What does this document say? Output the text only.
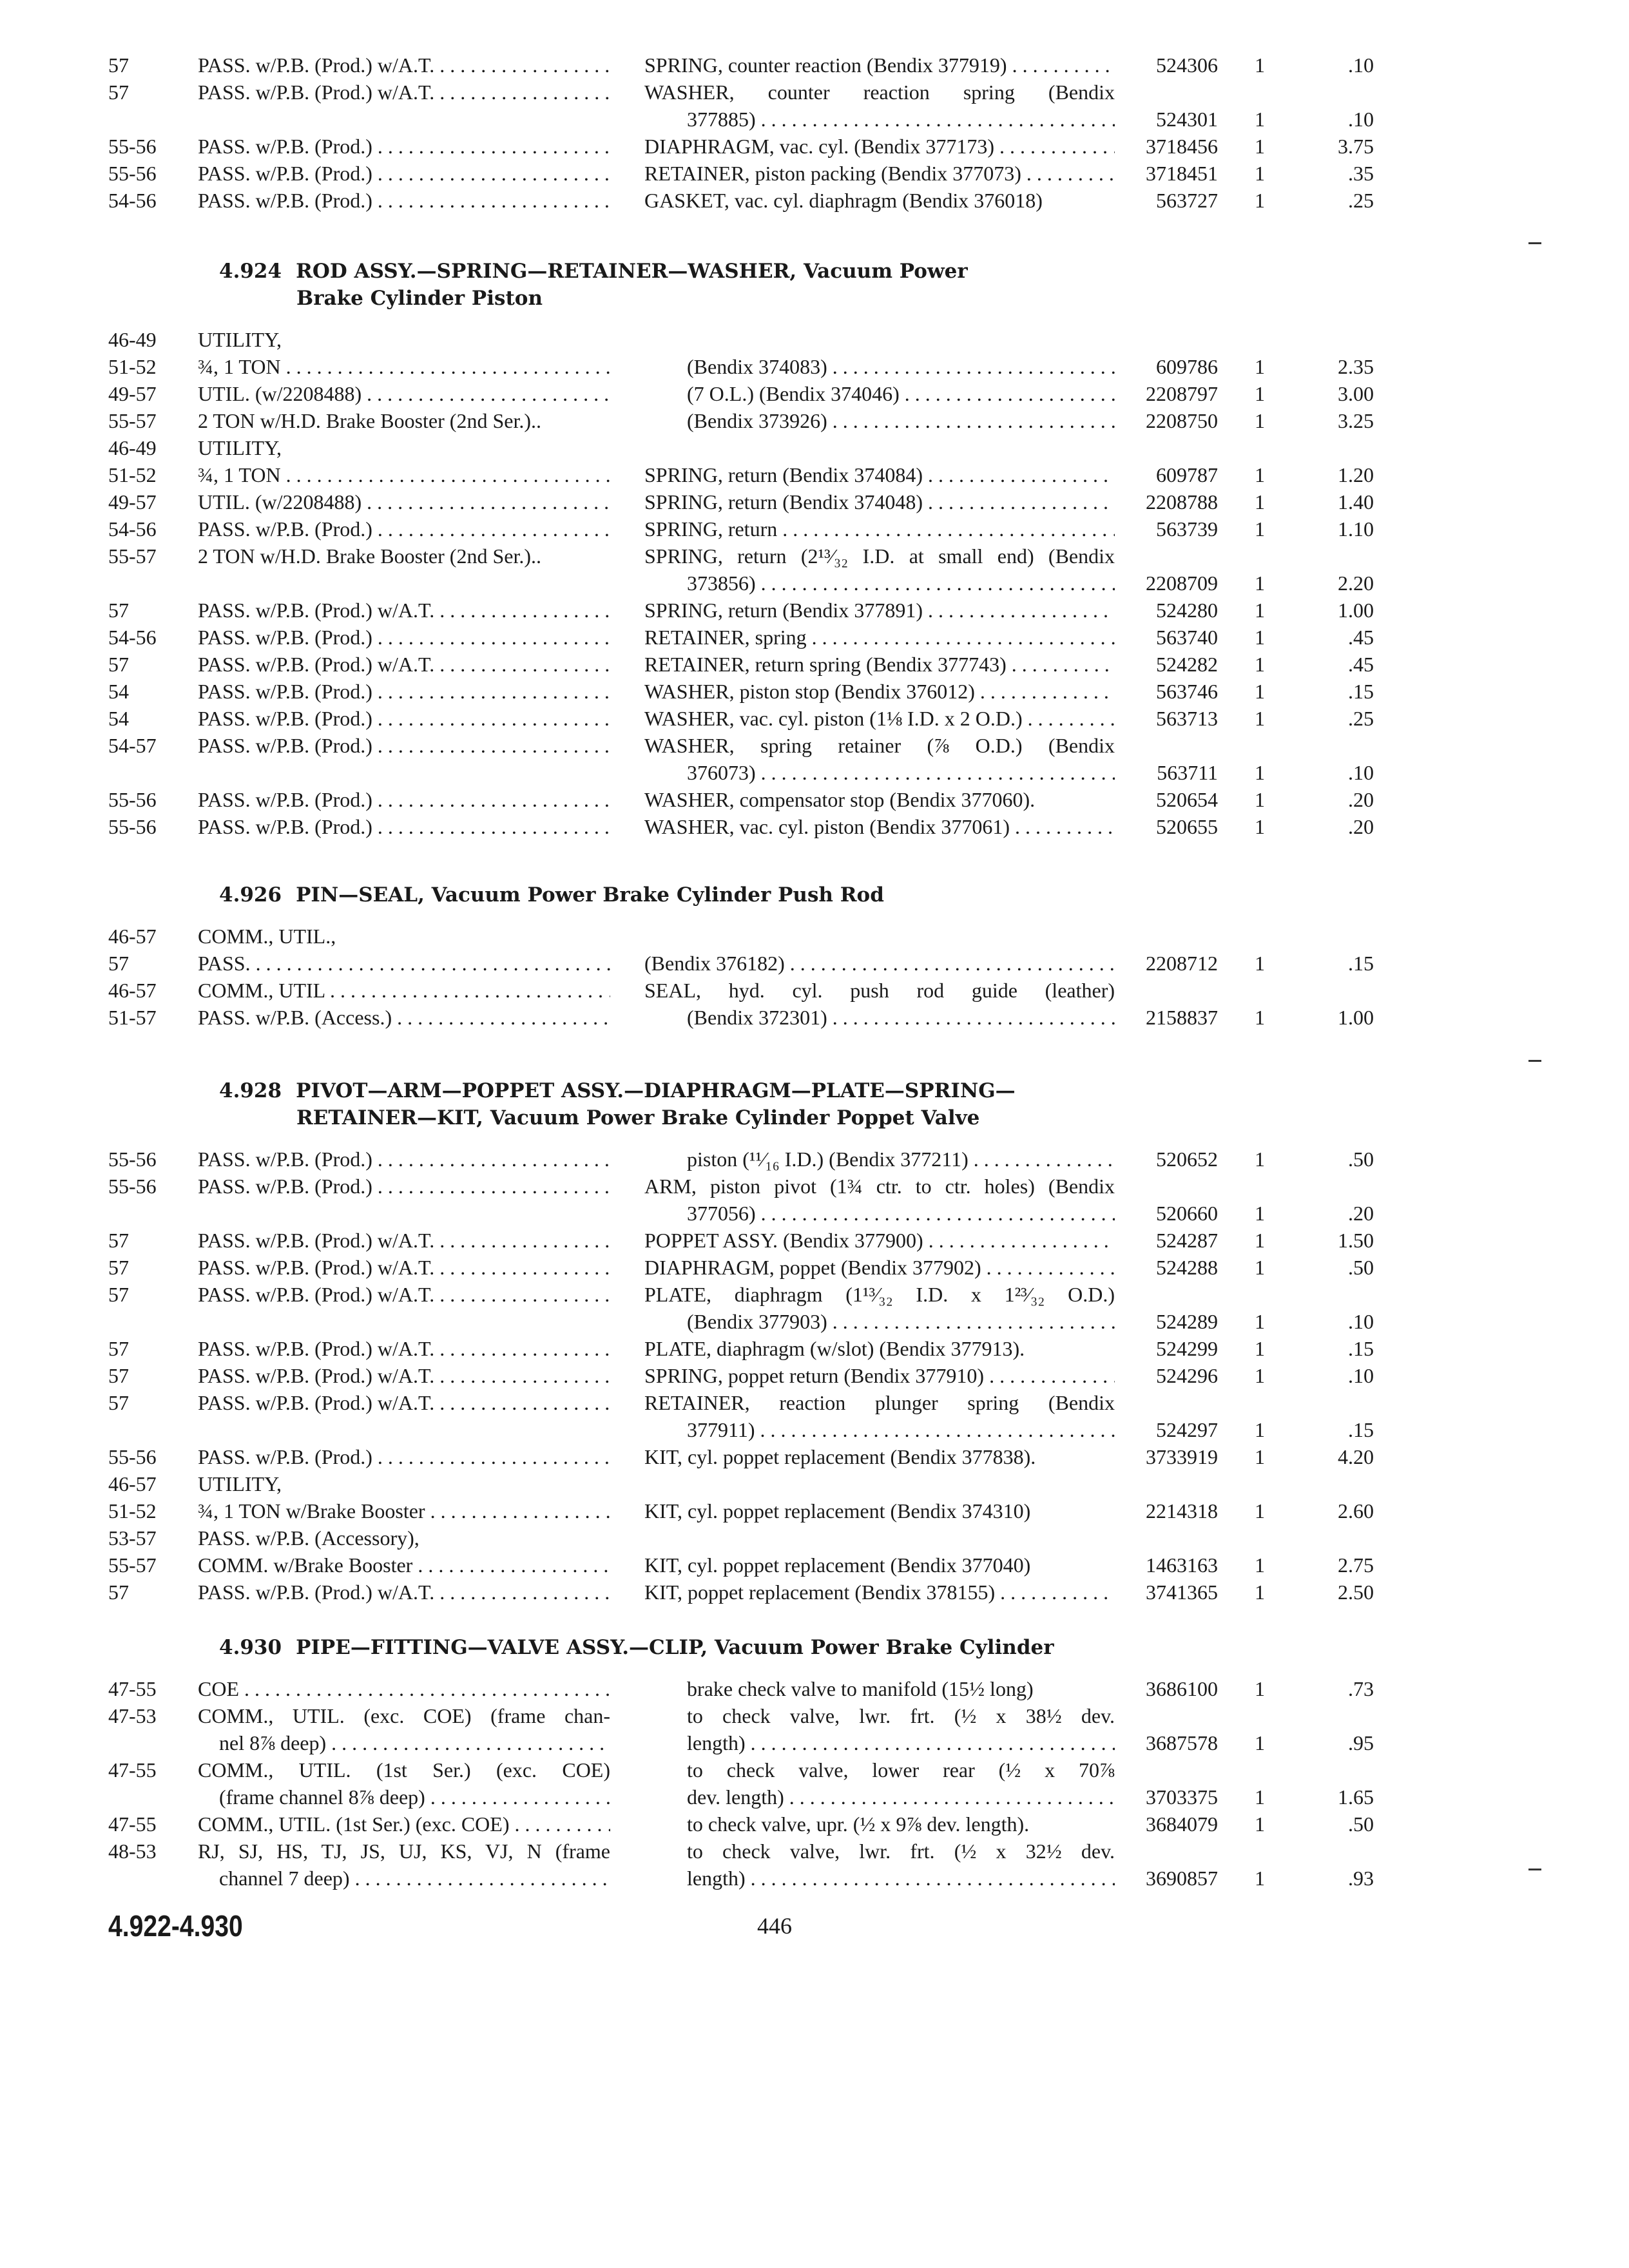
57	PASS. w/P.B. (Prod.) w/A.T. . . .	SPRING, counter reaction (Bendix 377919) . . .	524306 1	.10
57	PASS. w/P.B. (Prod.) w/A.T. . . .	WASHER, counter reaction spring (Bendix
377885) . . .	524301 1	.10
55-56	PASS. w/P.B. (Prod.) . . .	DIAPHRAGM, vac. cyl. (Bendix 377173) . . .	3718456 1	3.75
55-56	PASS. w/P.B. (Prod.) . . .	RETAINER, piston packing (Bendix 377073) . . .	3718451 1	.35
54-56	PASS. w/P.B. (Prod.) . . .	GASKET, vac. cyl. diaphragm (Bendix 376018)	563727 1	.25
4.924 ROD ASSY.—SPRING—RETAINER—WASHER, Vacuum Power
Brake Cylinder Piston
46-49	UTILITY,
51-52	¾, 1 TON . . .	(Bendix 374083) . . .	609786 1	2.35
49-57	UTIL. (w/2208488) . . .	(7 O.L.) (Bendix 374046) . . .	2208797 1	3.00
55-57	2 TON w/H.D. Brake Booster (2nd Ser.)..	(Bendix 373926) . . .	2208750 1	3.25
46-49	UTILITY,
51-52	¾, 1 TON . . .	SPRING, return (Bendix 374084) . . .	609787 1	1.20
49-57	UTIL. (w/2208488) . . .	SPRING, return (Bendix 374048) . . .	2208788 1	1.40
54-56	PASS. w/P.B. (Prod.) . . .	SPRING, return . . .	563739 1	1.10
55-57	2 TON w/H.D. Brake Booster (2nd Ser.)..	SPRING, return (2¹³⁄₃₂ I.D. at small end) (Bendix
373856) . . .	2208709 1	2.20
57	PASS. w/P.B. (Prod.) w/A.T. . . .	SPRING, return (Bendix 377891) . . .	524280 1	1.00
54-56	PASS. w/P.B. (Prod.) . . .	RETAINER, spring . . .	563740 1	.45
57	PASS. w/P.B. (Prod.) w/A.T. . . .	RETAINER, return spring (Bendix 377743) . . .	524282 1	.45
54	PASS. w/P.B. (Prod.) . . .	WASHER, piston stop (Bendix 376012) . . .	563746 1	.15
54	PASS. w/P.B. (Prod.) . . .	WASHER, vac. cyl. piston (1⅛ I.D. x 2 O.D.) . . .	563713 1	.25
54-57	PASS. w/P.B. (Prod.) . . .	WASHER, spring retainer (⅞ O.D.) (Bendix
376073) . . .	563711 1	.10
55-56	PASS. w/P.B. (Prod.) . . .	WASHER, compensator stop (Bendix 377060).	520654 1	.20
55-56	PASS. w/P.B. (Prod.) . . .	WASHER, vac. cyl. piston (Bendix 377061) . . .	520655 1	.20
4.926 PIN—SEAL, Vacuum Power Brake Cylinder Push Rod
46-57	COMM., UTIL.,
57	PASS. . . .	(Bendix 376182) . . .	2208712 1	.15
46-57	COMM., UTIL . . .	SEAL, hyd. cyl. push rod guide (leather)
51-57	PASS. w/P.B. (Access.) . . .	(Bendix 372301) . . .	2158837 1	1.00
4.928 PIVOT—ARM—POPPET ASSY.—DIAPHRAGM—PLATE—SPRING—
RETAINER—KIT, Vacuum Power Brake Cylinder Poppet Valve
55-56	PASS. w/P.B. (Prod.) . . .	piston (¹¹⁄₁₆ I.D.) (Bendix 377211) . . .	520652 1	.50
55-56	PASS. w/P.B. (Prod.) . . .	ARM, piston pivot (1¾ ctr. to ctr. holes) (Bendix
377056) . . .	520660 1	.20
57	PASS. w/P.B. (Prod.) w/A.T. . . .	POPPET ASSY. (Bendix 377900) . . .	524287 1	1.50
57	PASS. w/P.B. (Prod.) w/A.T. . . .	DIAPHRAGM, poppet (Bendix 377902) . . .	524288 1	.50
57	PASS. w/P.B. (Prod.) w/A.T. . . .	PLATE, diaphragm (1¹³⁄₃₂ I.D. x 1²³⁄₃₂ O.D.)
(Bendix 377903) . . .	524289 1	.10
57	PASS. w/P.B. (Prod.) w/A.T. . . .	PLATE, diaphragm (w/slot) (Bendix 377913).	524299 1	.15
57	PASS. w/P.B. (Prod.) w/A.T. . . .	SPRING, poppet return (Bendix 377910) . . .	524296 1	.10
57	PASS. w/P.B. (Prod.) w/A.T. . . .	RETAINER, reaction plunger spring (Bendix
377911) . . .	524297 1	.15
55-56	PASS. w/P.B. (Prod.) . . .	KIT, cyl. poppet replacement (Bendix 377838).	3733919 1	4.20
46-57	UTILITY,
51-52	¾, 1 TON w/Brake Booster . . .	KIT, cyl. poppet replacement (Bendix 374310)	2214318 1	2.60
53-57	PASS. w/P.B. (Accessory),
55-57	COMM. w/Brake Booster . . .	KIT, cyl. poppet replacement (Bendix 377040)	1463163 1	2.75
57	PASS. w/P.B. (Prod.) w/A.T. . . .	KIT, poppet replacement (Bendix 378155) . . .	3741365 1	2.50
4.930 PIPE—FITTING—VALVE ASSY.—CLIP, Vacuum Power Brake Cylinder
47-55	COE . . .	brake check valve to manifold (15½ long)	3686100 1	.73
47-53	COMM., UTIL. (exc. COE) (frame chan-	to check valve, lwr. frt. (½ x 38½ dev.
nel 8⅞ deep) . . .	length) . . .	3687578 1	.95
47-55	COMM., UTIL. (1st Ser.) (exc. COE)	to check valve, lower rear (½ x 70⅞
(frame channel 8⅞ deep) . . .	dev. length) . . .	3703375 1	1.65
47-55	COMM., UTIL. (1st Ser.) (exc. COE) . . .	to check valve, upr. (½ x 9⅞ dev. length).	3684079 1	.50
48-53	RJ, SJ, HS, TJ, JS, UJ, KS, VJ, N (frame	to check valve, lwr. frt. (½ x 32½ dev.
channel 7 deep) . . .	length) . . .	3690857 1	.93
4.922-4.930	446
